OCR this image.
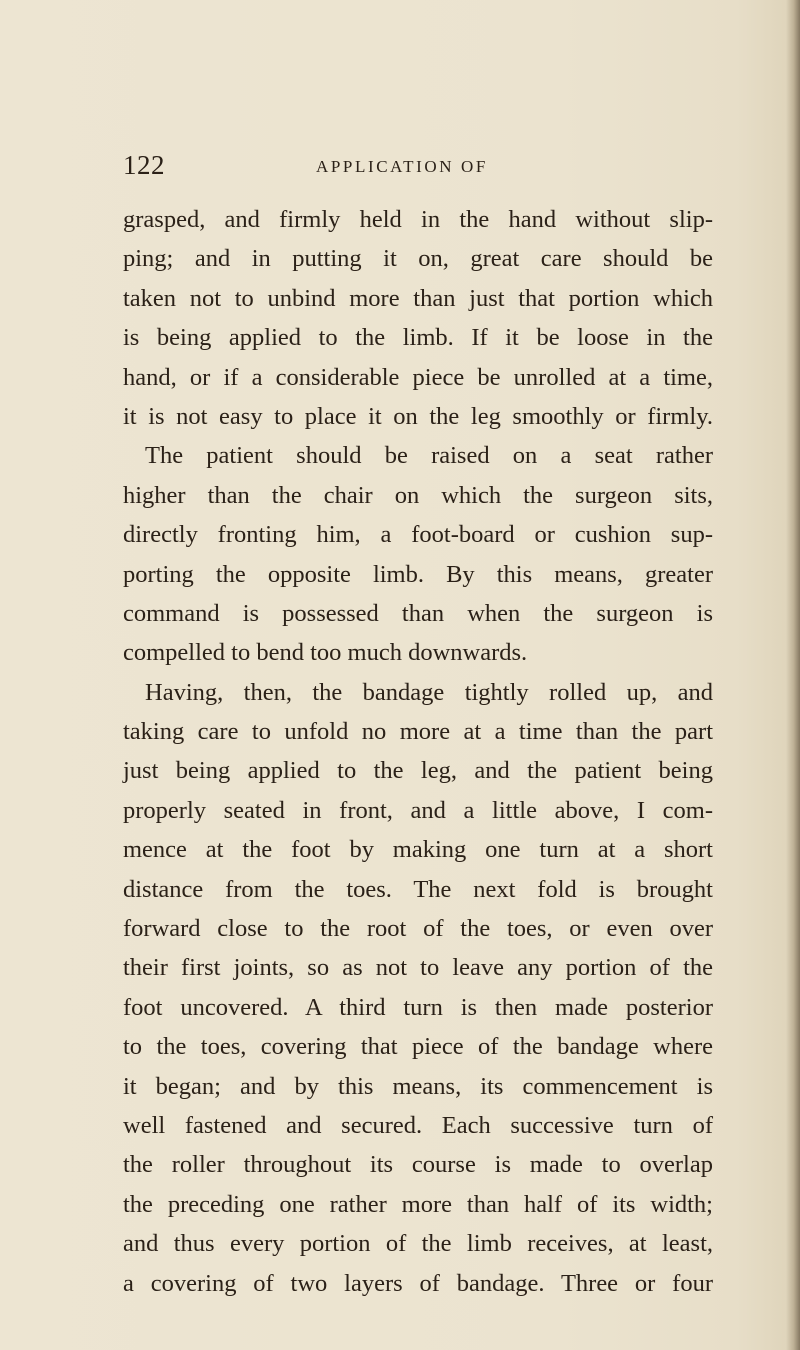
122	APPLICATION OF
grasped, and firmly held in the hand without slip-
ping; and in putting it on, great care should be
taken not to unbind more than just that portion which
is being applied to the limb. If it be loose in the
hand, or if a considerable piece be unrolled at a time,
it is not easy to place it on the leg smoothly or firmly.
The patient should be raised on a seat rather
higher than the chair on which the surgeon sits,
directly fronting him, a foot-board or cushion sup-
porting the opposite limb. By this means, greater
command is possessed than when the surgeon is
compelled to bend too much downwards.
Having, then, the bandage tightly rolled up, and
taking care to unfold no more at a time than the part
just being applied to the leg, and the patient being
properly seated in front, and a little above, I com-
mence at the foot by making one turn at a short
distance from the toes. The next fold is brought
forward close to the root of the toes, or even over
their first joints, so as not to leave any portion of the
foot uncovered. A third turn is then made posterior
to the toes, covering that piece of the bandage where
it began; and by this means, its commencement is
well fastened and secured. Each successive turn of
the roller throughout its course is made to overlap
the preceding one rather more than half of its width;
and thus every portion of the limb receives, at least,
a covering of two layers of bandage. Three or four
